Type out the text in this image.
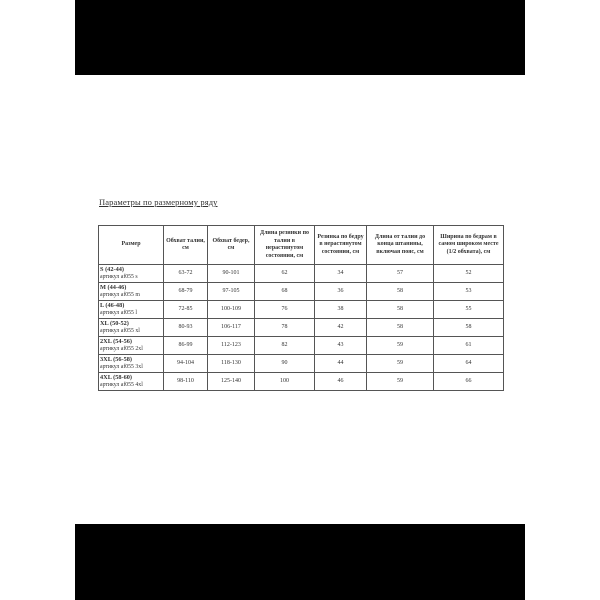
Параметры по размерному ряду
Размер	Обхват талии, см	Обхват бедер, см	Длина резинки по талии в нерастянутом состоянии, см	Резинка по бедру в нерастянутом состоянии, см	Длина от талии до конца штанины, включая пояс, см	Ширина по бедрам в самом широком месте (1/2 обхвата), см

S (42-44)
артикул af055 s	63-72	90-101	62	34	57	52

M (44-46)
артикул af055 m	68-79	97-105	68	36	58	53

L (46-48)
артикул af055 l	72-85	100-109	76	38	58	55

XL (50-52)
артикул af055 xl	80-93	106-117	78	42	58	58

2XL (54-56)
артикул af055 2xl	86-99	112-123	82	43	59	61

3XL (56-58)
артикул af055 3xl	94-104	118-130	90	44	59	64

4XL (58-60)
артикул af055 4xl	98-110	125-140	100	46	59	66
